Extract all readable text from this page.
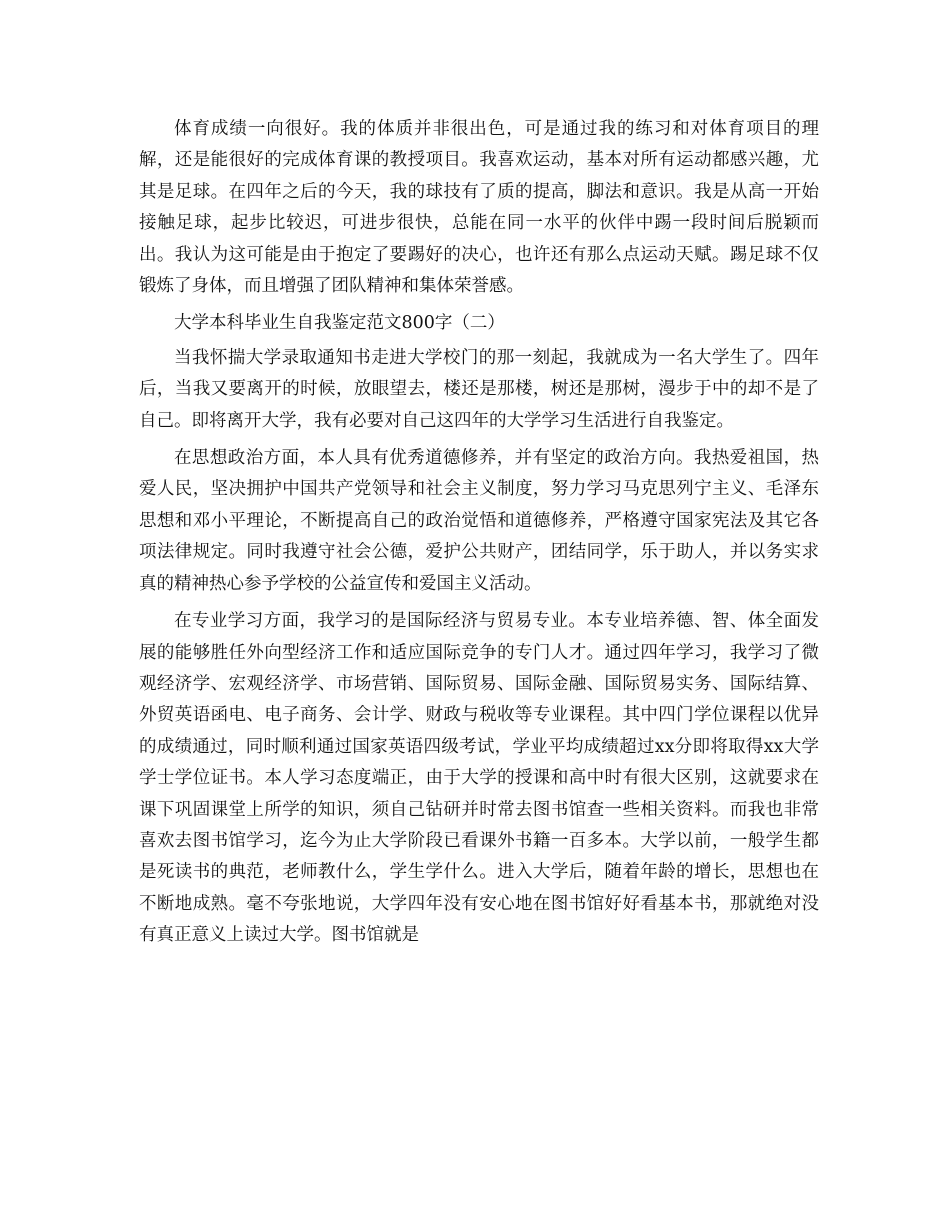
体育成绩一向很好。我的体质并非很出色，可是通过我的练习和对体育项目的理解，还是能很好的完成体育课的教授项目。我喜欢运动，基本对所有运动都感兴趣，尤其是足球。在四年之后的今天，我的球技有了质的提高，脚法和意识。我是从高一开始接触足球，起步比较迟，可进步很快，总能在同一水平的伙伴中踢一段时间后脱颖而出。我认为这可能是由于抱定了要踢好的决心，也许还有那么点运动天赋。踢足球不仅锻炼了身体，而且增强了团队精神和集体荣誉感。

大学本科毕业生自我鉴定范文800字（二）

当我怀揣大学录取通知书走进大学校门的那一刻起，我就成为一名大学生了。四年后，当我又要离开的时候，放眼望去，楼还是那楼，树还是那树，漫步于中的却不是了自己。即将离开大学，我有必要对自己这四年的大学学习生活进行自我鉴定。

在思想政治方面，本人具有优秀道德修养，并有坚定的政治方向。我热爱祖国，热爱人民，坚决拥护中国共产党领导和社会主义制度，努力学习马克思列宁主义、毛泽东思想和邓小平理论，不断提高自己的政治觉悟和道德修养，严格遵守国家宪法及其它各项法律规定。同时我遵守社会公德，爱护公共财产，团结同学，乐于助人，并以务实求真的精神热心参予学校的公益宣传和爱国主义活动。

在专业学习方面，我学习的是国际经济与贸易专业。本专业培养德、智、体全面发展的能够胜任外向型经济工作和适应国际竞争的专门人才。通过四年学习，我学习了微观经济学、宏观经济学、市场营销、国际贸易、国际金融、国际贸易实务、国际结算、外贸英语函电、电子商务、会计学、财政与税收等专业课程。其中四门学位课程以优异的成绩通过，同时顺利通过国家英语四级考试，学业平均成绩超过xx分即将取得xx大学学士学位证书。本人学习态度端正，由于大学的授课和高中时有很大区别，这就要求在课下巩固课堂上所学的知识，须自己钻研并时常去图书馆查一些相关资料。而我也非常喜欢去图书馆学习，迄今为止大学阶段已看课外书籍一百多本。大学以前，一般学生都是死读书的典范，老师教什么，学生学什么。进入大学后，随着年龄的增长，思想也在不断地成熟。毫不夸张地说，大学四年没有安心地在图书馆好好看基本书，那就绝对没有真正意义上读过大学。图书馆就是
